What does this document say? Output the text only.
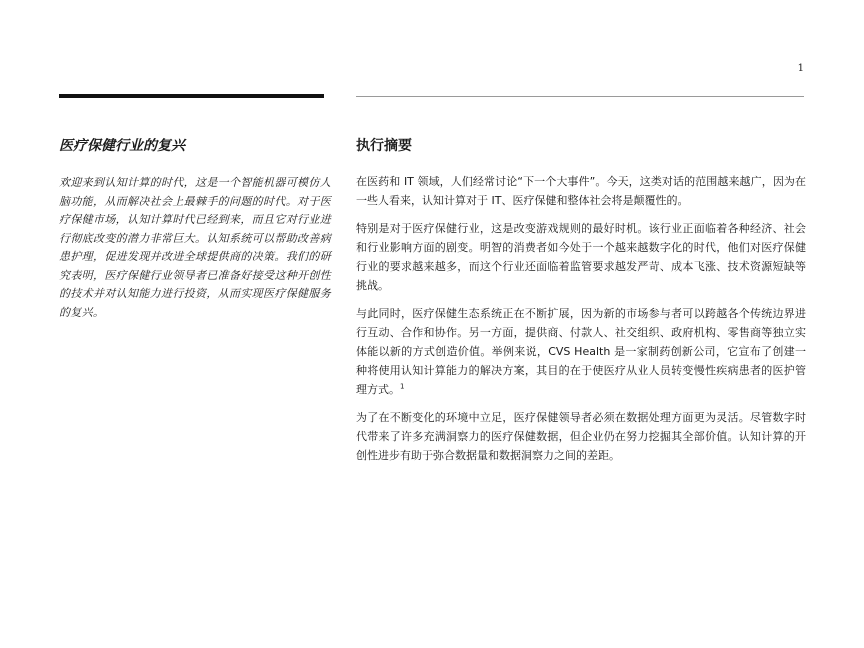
1
医疗保健行业的复兴

欢迎来到认知计算的时代，这是一个智能机器可模仿人脑功能，从而解决社会上最棘手的问题的时代。对于医疗保健市场，认知计算时代已经到来，而且它对行业进行彻底改变的潜力非常巨大。认知系统可以帮助改善病患护理，促进发现并改进全球提供商的决策。我们的研究表明，医疗保健行业领导者已准备好接受这种开创性的技术并对认知能力进行投资，从而实现医疗保健服务的复兴。

执行摘要

在医药和 IT 领域，人们经常讨论“下一个大事件”。今天，这类对话的范围越来越广，因为在一些人看来，认知计算对于 IT、医疗保健和整体社会将是颠覆性的。

特别是对于医疗保健行业，这是改变游戏规则的最好时机。该行业正面临着各种经济、社会和行业影响方面的剧变。明智的消费者如今处于一个越来越数字化的时代，他们对医疗保健行业的要求越来越多，而这个行业还面临着监管要求越发严苛、成本飞涨、技术资源短缺等挑战。

与此同时，医疗保健生态系统正在不断扩展，因为新的市场参与者可以跨越各个传统边界进行互动、合作和协作。另一方面，提供商、付款人、社交组织、政府机构、零售商等独立实体能以新的方式创造价值。举例来说，CVS Health 是一家制药创新公司，它宣布了创建一种将使用认知计算能力的解决方案，其目的在于使医疗从业人员转变慢性疾病患者的医护管理方式。$^1$

为了在不断变化的环境中立足，医疗保健领导者必须在数据处理方面更为灵活。尽管数字时代带来了许多充满洞察力的医疗保健数据，但企业仍在努力挖掘其全部价值。认知计算的开创性进步有助于弥合数据量和数据洞察力之间的差距。
